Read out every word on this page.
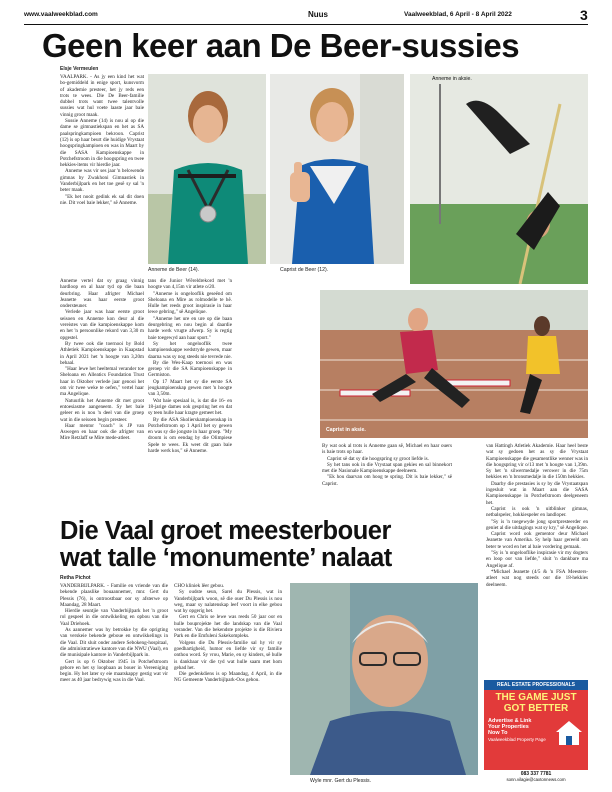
www.vaalweekblad.com	Nuus	Vaalweekblad, 6 April - 8 April 2022	3
Geen keer aan De Beer-sussies
Elsje Vermeulen

VAALPARK. - As jy een kind het wat bo-gemiddeld in enige sport, kunsvorm of akademie presteer, het jy reds een trots te wees. Die De Beer-familie dubbel trots want twee talentvolle sussies wat hul voete laaste jaar baie vinnig groot maak.

Sussie Anneme (14) is nou al op die dame se gimnastiekspan en het as SA paalspringkampioen bekroon. Caprist (12) is op haar beurt die huidige Vrystaat hoogspringkampioen en was in Maart by die SASA Kampioenskappe in Potchefstroom in die hoogspring en twee hekkies-items vir hierdie jaar.

Anneme was vir ses jaar 'n belowende gimnas by Zwakhoni Gimnastiek in Vanderbijlpark en het toe gesê sy sal 'n beter maak.

"Ek het nooit gedink ek sal dit doen nie. Dit voel baie lekker," sê Anneme.

Anneme de Beer (14).	Caprist de Beer (12).
Anneme in aksie.

Anneme vertel dat sy graag vinnig hardloop en al haar tyd op die baan deurbring. Haar afrigter Michael Jeanette was haar eerste groot ondersteuner.

Verlede jaar was haar eerste groot seisoen en Anneme kon deur al die vereistes van die kampioenskappe kom en het 'n persoonlike rekord van 3,30 m opgestel.

By twee ook die toernooi by Bold Athletiek Kampioenskappe in Kaapstad in April 2021 het 'n hoogte van 3,20m behaal.

"Haar lewe het heeltemal verander toe Sheloana en Alleatics Foundation Trust haar in Oktober verlede jaar genooi het om vir twee weke te oefen," vertel haar ma Angelique.

Natuurlik het Anneme dit met groot entoesiasme aangeneem. Sy het baie geleer en is nou 'n deel van die groep wat in die seisoen begin presteer.

Haar mentor "coach" is JP van Aswegen en haar ook die afrigter van Mire Retzlaff se Mire mede-atleet.

tans die Junior Wêreldrekord met 'n hoogte van 4,15m vir atlete o/20.

"Anneme is ongelooflik geseënd om Sheloana en Mire as rolmodelle te hê. Hulle het reeds groot inspirasie in haar lewe gebring," sê Angelique.

"Anneme het ure en ure op die baan deurgebring en nou begin al daardie harde werk vrugte afwerp. Sy is regtig baie toegewyd aan haar sport."

Sy het ongelooflik twee kampioenskappe wedstryde gewen, maar daarna was sy nog steeds nie tevrede nie.

By die Wes-Kaap toernooi en was geroep vir die SA Kampioenskappe in Germiston.

Op 17 Maart het sy die eerste SA jeugkampioenskap gewen met 'n hoogte van 3,50m.

Wat baie spesiaal is, is dat die 16- en 18-jarige dames ook gespring het en dat sy teen hulle haar kragte gemeet het.

By die ASA Skolierskampioenskap in Potchefstroom op 1 April het sy gewen en was sy die jongste in haar groep. "My droom is om eendag by die Olimpiese Spele te wees. Ek weet dit gaan baie harde werk kos," sê Anneme.

Caprist in aksie.

By wat ook al trots is Anneme gaan sê, Michael en haar ouers is baie trots op haar.

Caprist sê dat sy die hoogspring sy groot liefde is.

Sy het tans ook in die Vrystaat span gekies en sal binnekort met die Nasionale Kampioenskappe deelneem.

"Ek hou daarvan om hoog te spring. Dit is baie lekker," sê Caprist.

van Hattingh Atletiek Akademie. Haar heel beste wat sy gedoen het as sy die Vrystaat Kampioenskappe die gesamentlike wenner was in die hoogspring vir o/13 met 'n hoogte van 1,39m. Sy het 'n silwermedalje verower in die 75m hekkies en 'n bronsmedalje in die 150m hekkies.

Daarby die prestasies is sy by die Vrystaatspan ingesluit wat in Maart aan die SASA Kampioenskappe in Potchefstroom deelgeneem het.

Caprist is ook 'n uitblinker gimnas, netbalspeler, hokkiespeler en landloper.

"Sy is 'n toegewyde jong sportpresteerder en geniet al die uitdagings wat sy kry," sê Angelique.

Caprist word ook gementor deur Michael Jeanette van Amerika. Sy help haar gereeld om beter te word en het al baie vordering gemaak.

"Sy is 'n ongelooflike inspirasie vir my dogters en loop oor van liefde," sluit 'n dankbare ma Angelique af.

*Michael Jeanette (4/5 & 'n FSA Meesters-atleet wat nog steeds oor die 18-hekkies deelneem.

Die Vaal groet meesterbouer
wat talle ‘monumente’ nalaat
Retha Pichot

VANDERBIJLPARK. - Familie en vriende van die bekende plaaslike bouaannemer, mnr. Gert du Plessis (76), is ontroostbaar oor sy afsterwe op Maandag, 28 Maart.

Hierdie seuntjie van Vanderbijlpark het 'n groot rol gespeel in die ontwikkeling en opbou van die Vaal Driehoek.

As aannemer was hy betrokke by die oprigting van verskeie bekende geboue en ontwikkelings in die Vaal. Dit sluit onder andere Sebokeng-hospitaal, die administratiewe kantore van die NWU (Vaal), en die munisipale kantore in Vanderbijlpark in.

Gert is op 6 Oktober 1945 in Potchefstroom gebore en het sy loopbaan as bouer in Vereeniging begin. Hy het later sy eie maatskappy gestig wat vir meer as 40 jaar bedrywig was in die Vaal.

CHO kliniek lêer gebou.

Sy oudste seun, Sarel du Plessis, wat in Vanderbijlpark woon, sê die ouer Du Plessis is nou weg, maar sy nalatenskap leef voort in elke gebou wat hy opgerig het.

Gert en Chris se lewe was reeds 50 jaar oor en hulle bouprojekte het die landskap van die Vaal verander. Van die bekendste projekte is die Riviera Park en die Emfuleni Sakekompleks.

Volgens die Du Plessis-familie sal hy vir sy goedhartigheid, humor en liefde vir sy familie onthou word. Sy vrou, Marie, en sy kinders, sê hulle is dankbaar vir die tyd wat hulle saam met hom gehad het.

Die gedenkdiens is op Maandag, 4 April, in die NG Gemeente Vanderbijlpark-Oos gehou.

Wyle mnr. Gert du Plessis.
REAL ESTATE PROFESSIONALS
THE GAME JUST
GOT BETTER
Advertise & Link
Your Properties
Now To
Vaalweekblad Property Page
083 337 7781
sonn.vilagie@caxtonnews.com
